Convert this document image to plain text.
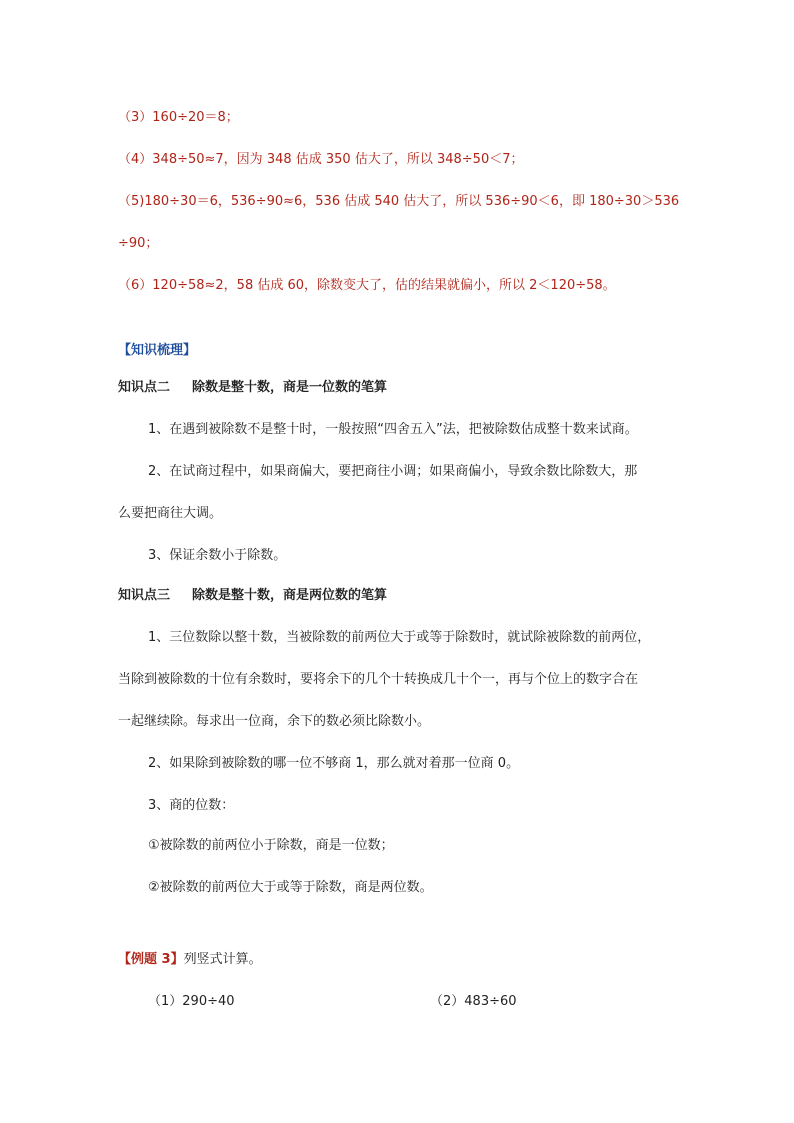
（3）160÷20＝8；
（4）348÷50≈7，因为 348 估成 350 估大了，所以 348÷50＜7；
（5)180÷30＝6，536÷90≈6，536 估成 540 估大了，所以 536÷90＜6，即 180÷30＞536
÷90；
（6）120÷58≈2，58 估成 60，除数变大了，估的结果就偏小，所以 2＜120÷58。
【知识梳理】
知识点二 除数是整十数，商是一位数的笔算
1、在遇到被除数不是整十时，一般按照“四舍五入”法，把被除数估成整十数来试商。
2、在试商过程中，如果商偏大，要把商往小调；如果商偏小，导致余数比除数大，那
么要把商往大调。
3、保证余数小于除数。
知识点三 除数是整十数，商是两位数的笔算
1、三位数除以整十数，当被除数的前两位大于或等于除数时，就试除被除数的前两位，
当除到被除数的十位有余数时，要将余下的几个十转换成几十个一，再与个位上的数字合在
一起继续除。每求出一位商，余下的数必须比除数小。
2、如果除到被除数的哪一位不够商 1，那么就对着那一位商 0。
3、商的位数：
①被除数的前两位小于除数，商是一位数；
②被除数的前两位大于或等于除数，商是两位数。
【例题 3】列竖式计算。
（1）290÷40	（2）483÷60
